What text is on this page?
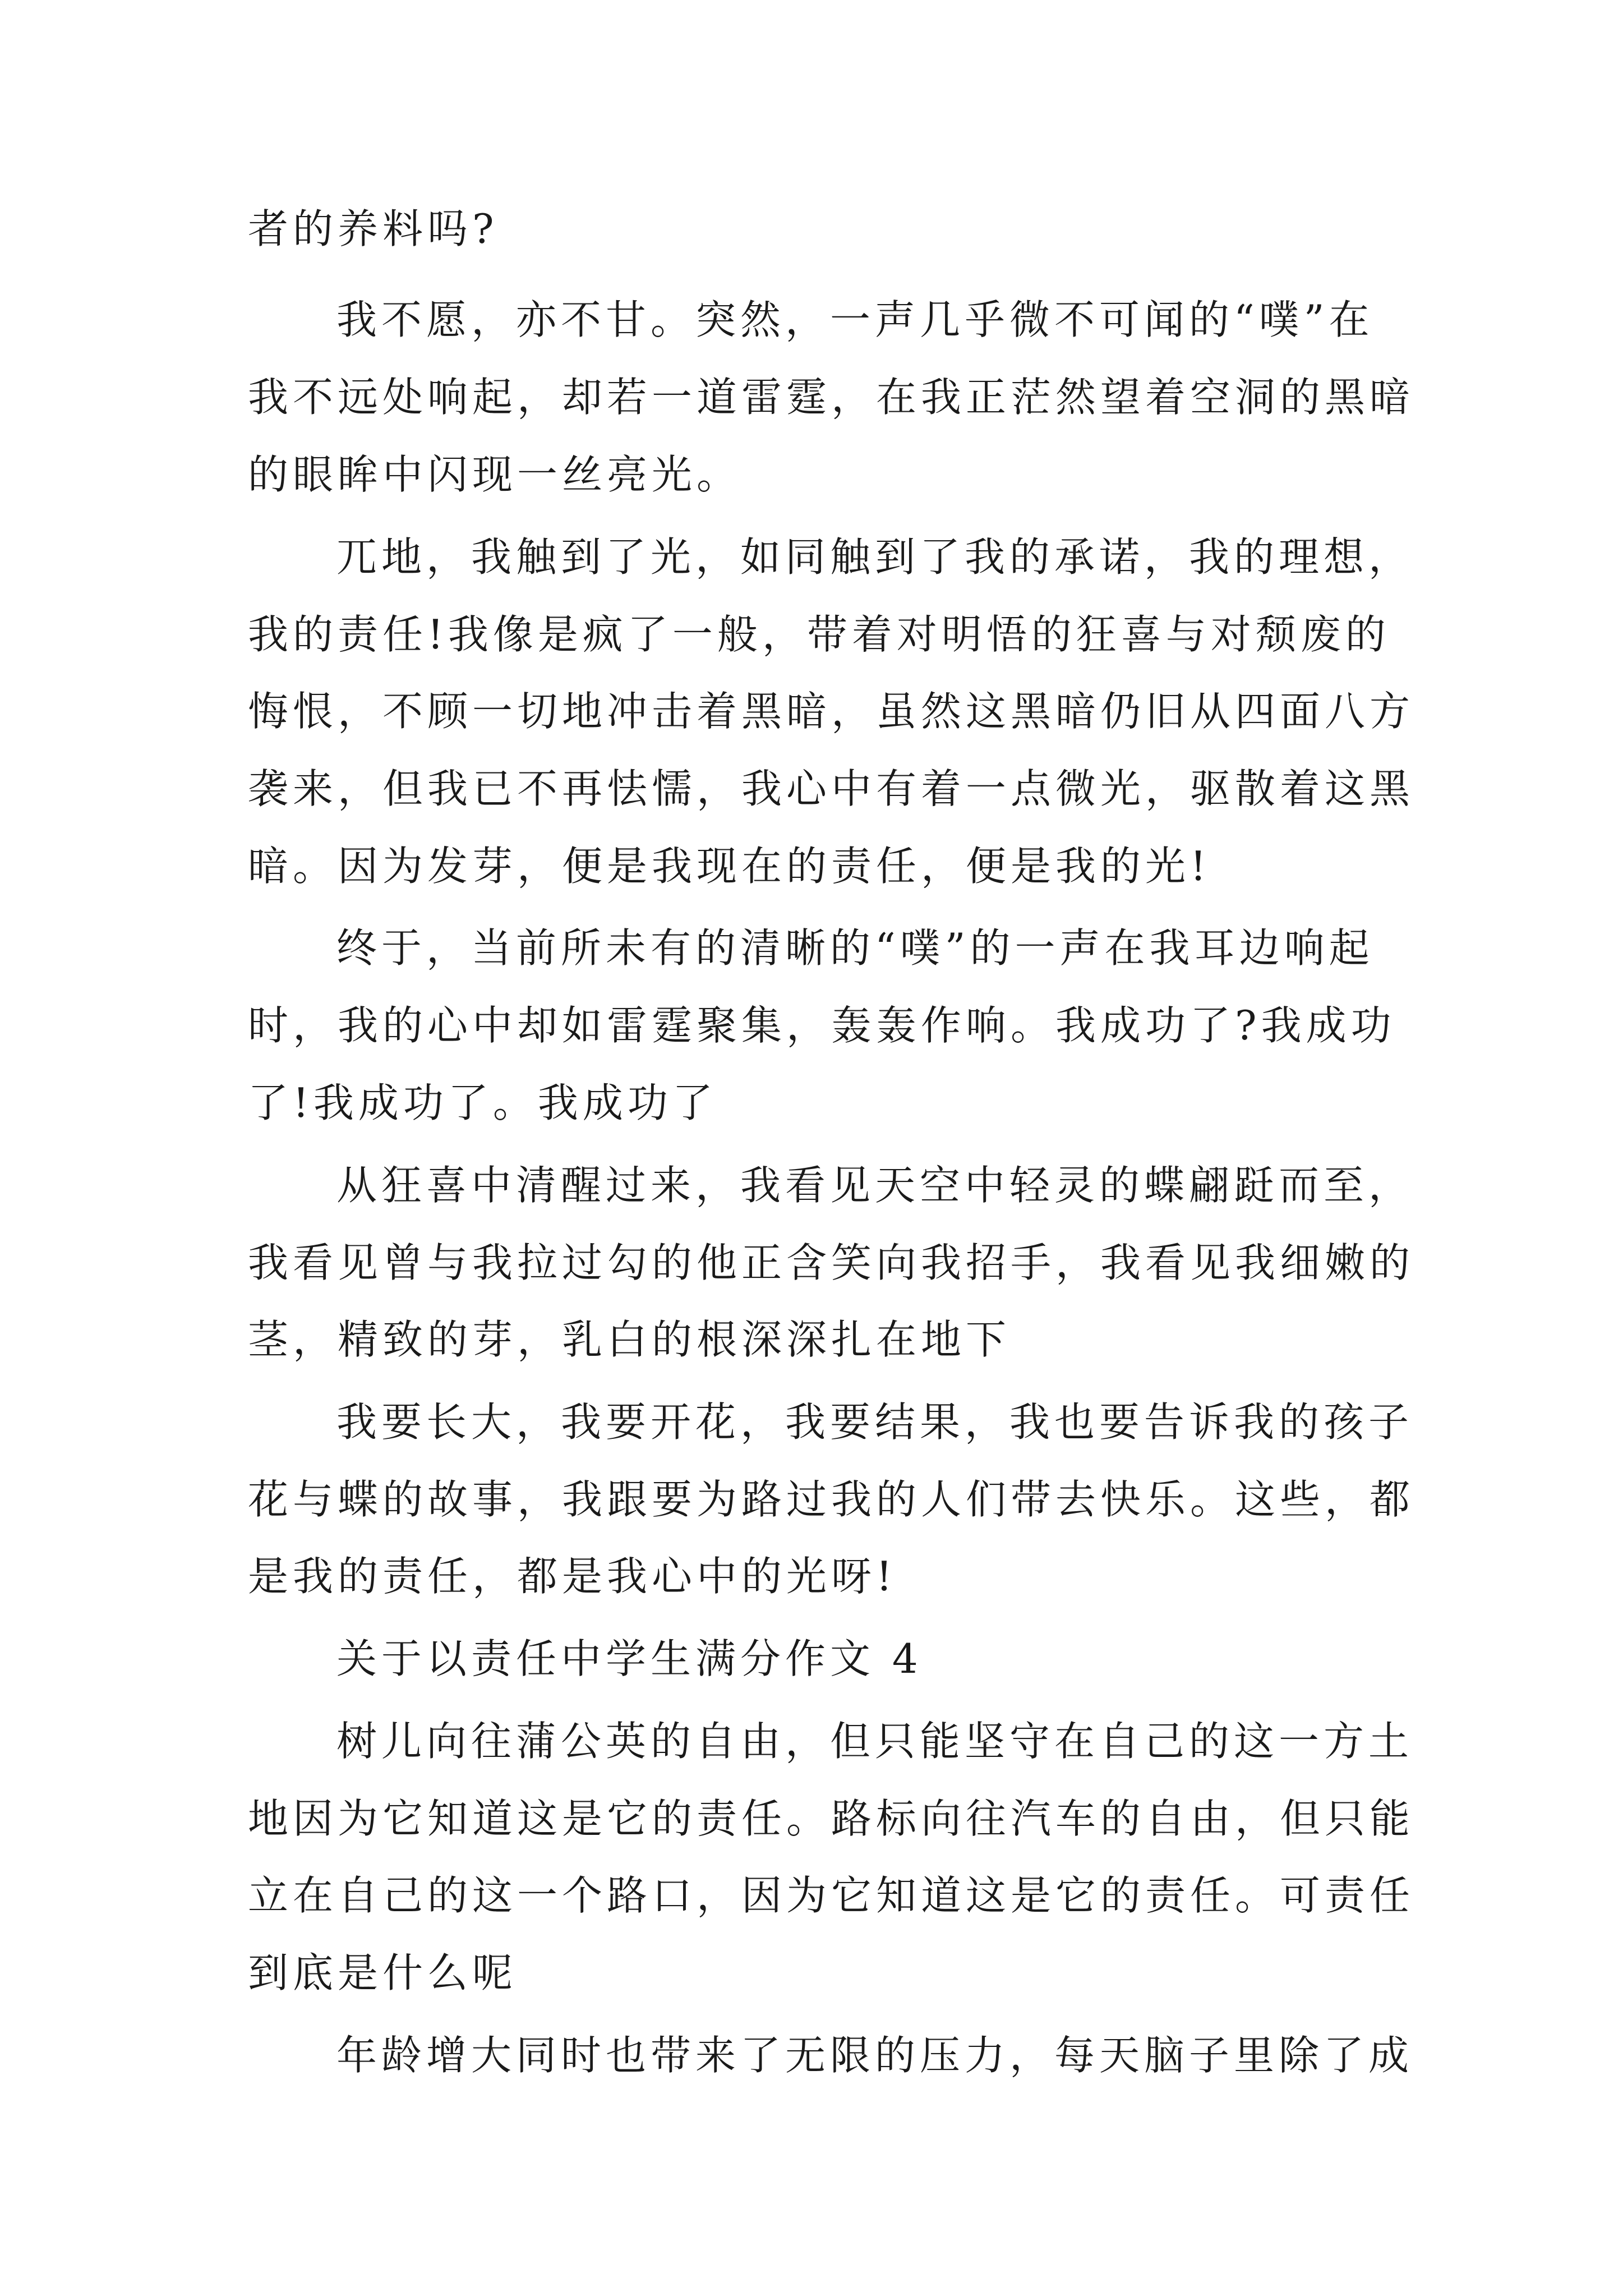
者的养料吗?
我不愿，亦不甘。突然，一声几乎微不可闻的“噗”在
我不远处响起，却若一道雷霆，在我正茫然望着空洞的黑暗
的眼眸中闪现一丝亮光。
兀地，我触到了光，如同触到了我的承诺，我的理想，
我的责任!我像是疯了一般，带着对明悟的狂喜与对颓废的
悔恨，不顾一切地冲击着黑暗，虽然这黑暗仍旧从四面八方
袭来，但我已不再怯懦，我心中有着一点微光，驱散着这黑
暗。因为发芽，便是我现在的责任，便是我的光!
终于，当前所未有的清晰的“噗”的一声在我耳边响起
时，我的心中却如雷霆聚集，轰轰作响。我成功了?我成功
了!我成功了。我成功了
从狂喜中清醒过来，我看见天空中轻灵的蝶翩跹而至，
我看见曾与我拉过勾的他正含笑向我招手，我看见我细嫩的
茎，精致的芽，乳白的根深深扎在地下
我要长大，我要开花，我要结果，我也要告诉我的孩子
花与蝶的故事，我跟要为路过我的人们带去快乐。这些，都
是我的责任，都是我心中的光呀!
关于以责任中学生满分作文 4
树儿向往蒲公英的自由，但只能坚守在自己的这一方土
地因为它知道这是它的责任。路标向往汽车的自由，但只能
立在自己的这一个路口，因为它知道这是它的责任。可责任
到底是什么呢
年龄增大同时也带来了无限的压力，每天脑子里除了成
